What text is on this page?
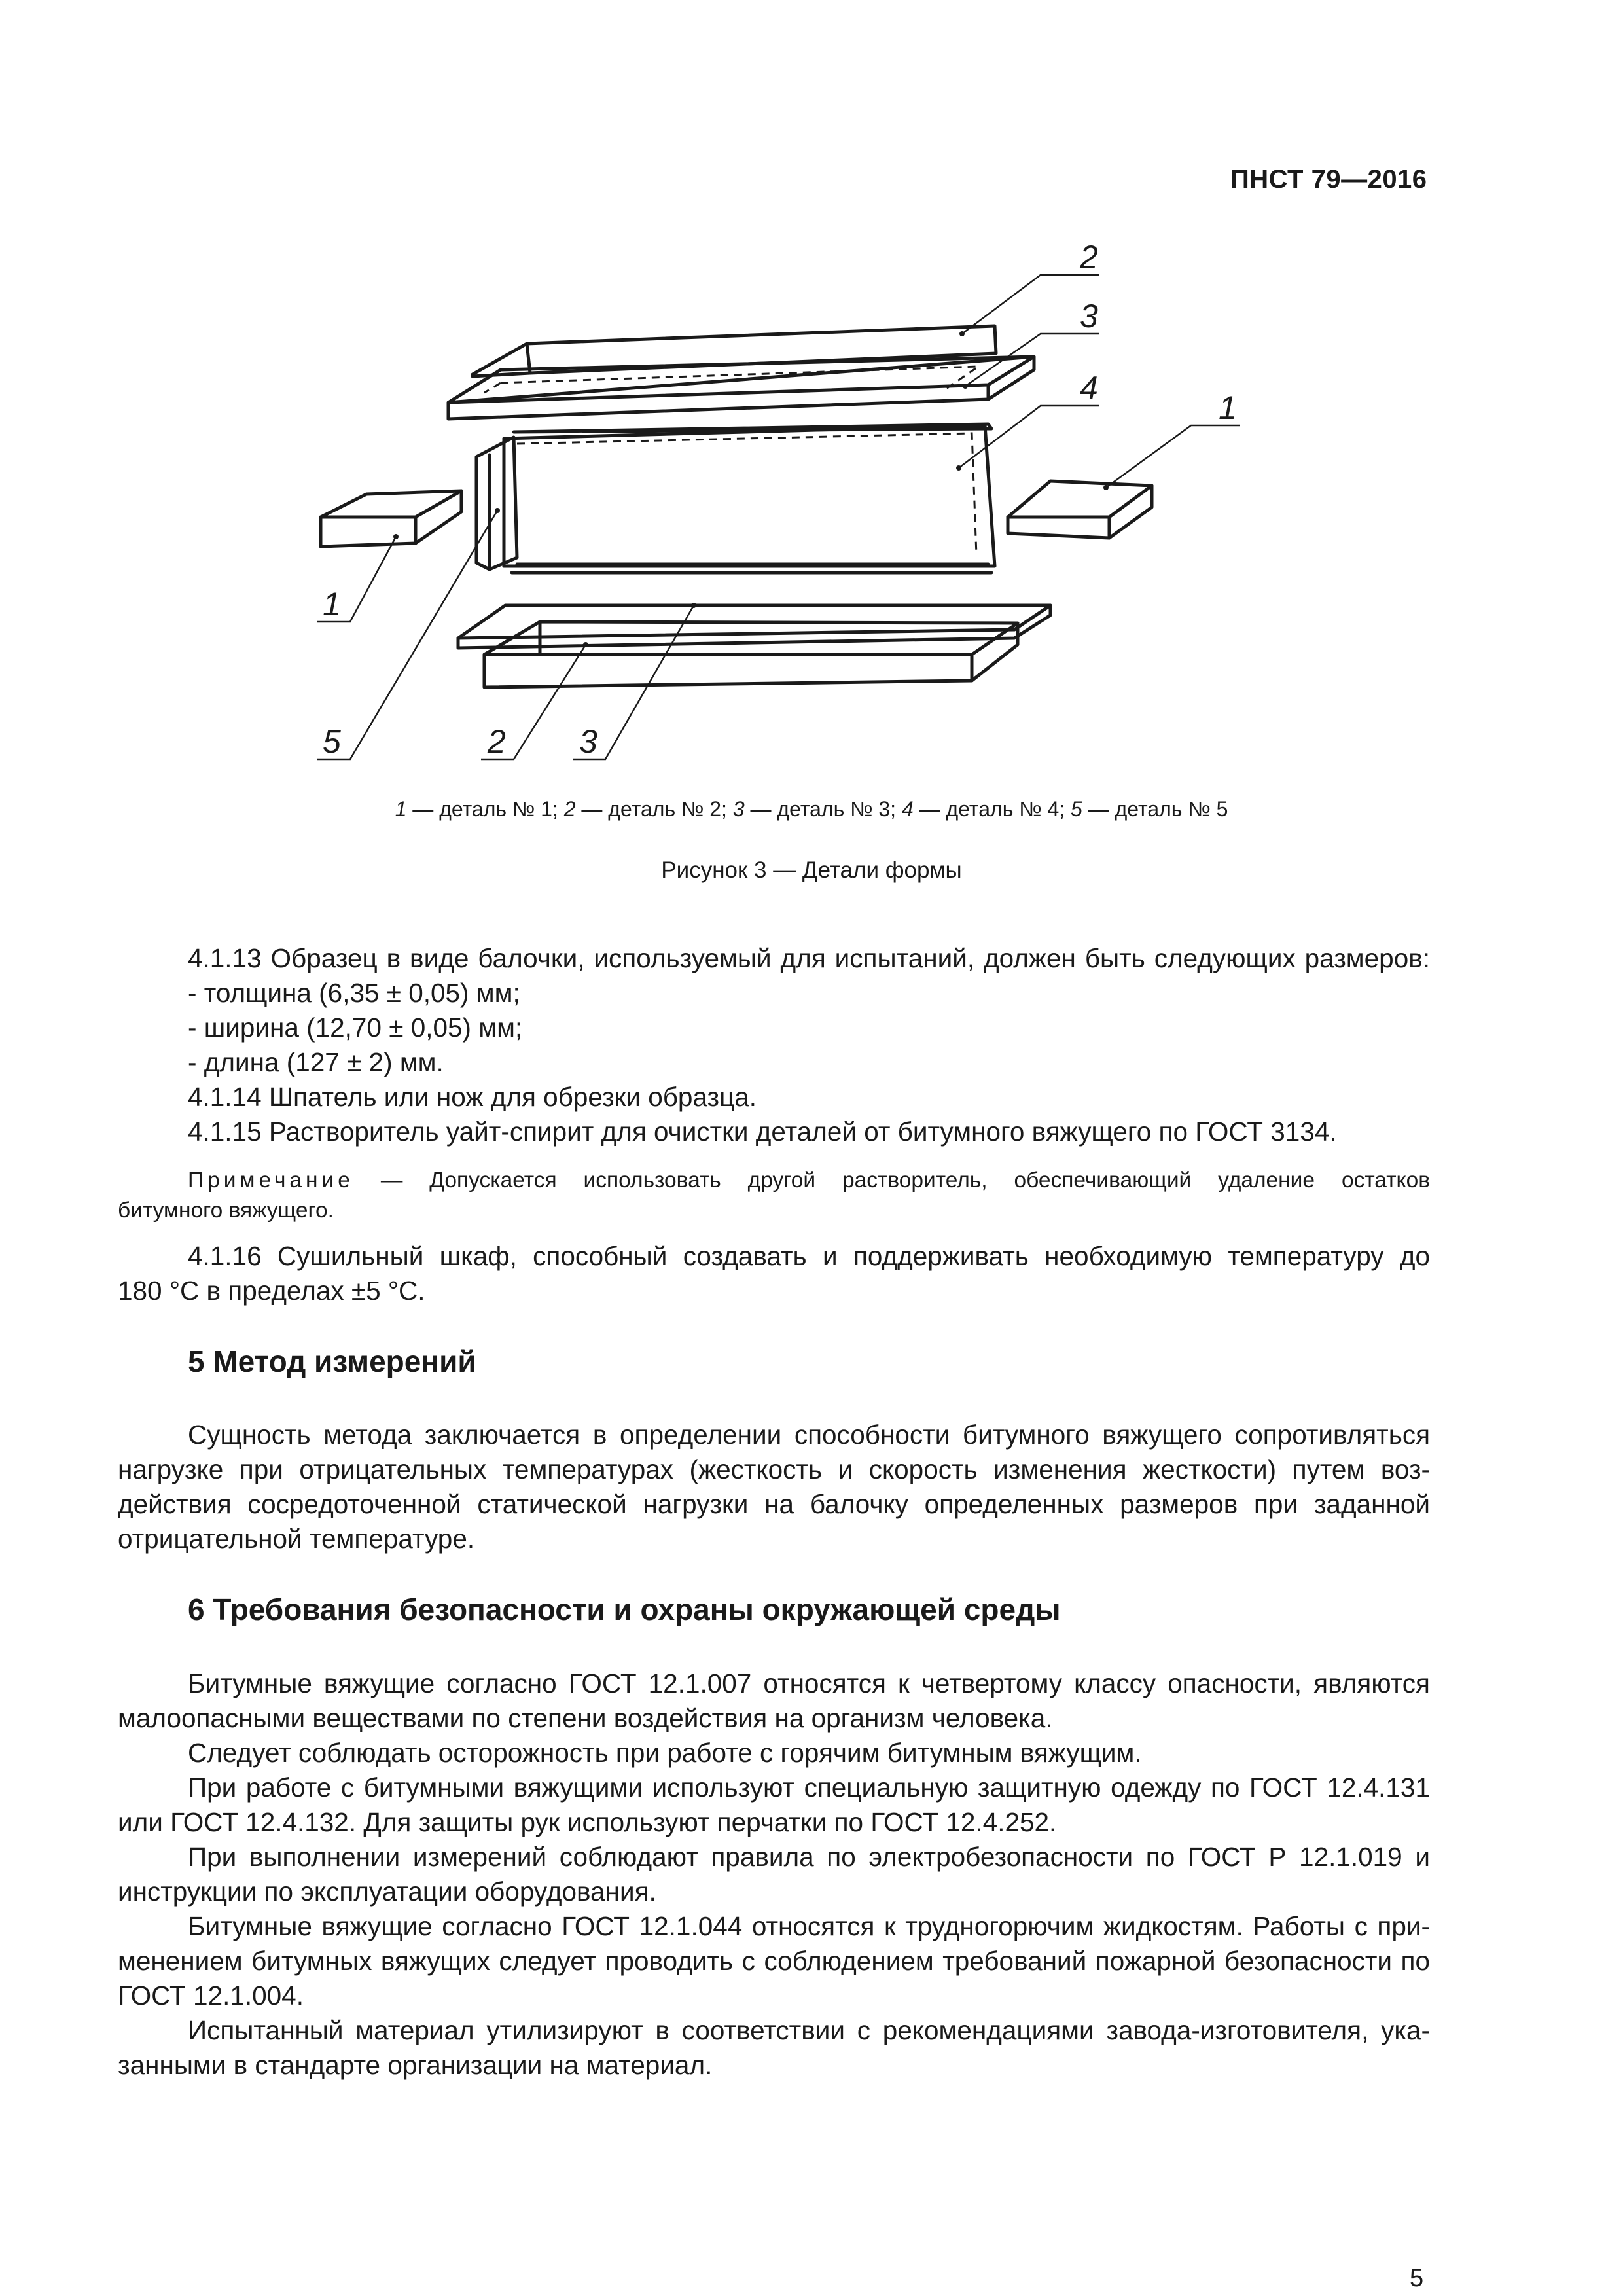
ПНСТ 79—2016
2
3
4
1
1
5	2 3
1 — деталь № 1; 2 — деталь № 2; 3 — деталь № 3; 4 — деталь № 4; 5 — деталь № 5
Рисунок 3 — Детали формы
4.1.13 Образец в виде балочки, используемый для испытаний, должен быть следующих размеров:
- толщина (6,35 ± 0,05) мм;
- ширина (12,70 ± 0,05) мм;
- длина (127 ± 2) мм.
4.1.14 Шпатель или нож для обрезки образца.
4.1.15 Растворитель уайт-спирит для очистки деталей от битумного вяжущего по ГОСТ 3134.
Примечание — Допускается использовать другой растворитель, обеспечивающий удаление остатков
битумного вяжущего.
4.1.16 Сушильный шкаф, способный создавать и поддерживать необходимую температуру до
180 °С в пределах ±5 °С.
5 Метод измерений
Сущность метода заключается в определении способности битумного вяжущего сопротивляться
нагрузке при отрицательных температурах (жесткость и скорость изменения жесткости) путем воз-
действия сосредоточенной статической нагрузки на балочку определенных размеров при заданной
отрицательной температуре.
6 Требования безопасности и охраны окружающей среды
Битумные вяжущие согласно ГОСТ 12.1.007 относятся к четвертому классу опасности, являются
малоопасными веществами по степени воздействия на организм человека.
Следует соблюдать осторожность при работе с горячим битумным вяжущим.
При работе с битумными вяжущими используют специальную защитную одежду по ГОСТ 12.4.131
или ГОСТ 12.4.132. Для защиты рук используют перчатки по ГОСТ 12.4.252.
При выполнении измерений соблюдают правила по электробезопасности по ГОСТ Р 12.1.019 и
инструкции по эксплуатации оборудования.
Битумные вяжущие согласно ГОСТ 12.1.044 относятся к трудногорючим жидкостям. Работы с при-
менением битумных вяжущих следует проводить с соблюдением требований пожарной безопасности по
ГОСТ 12.1.004.
Испытанный материал утилизируют в соответствии с рекомендациями завода-изготовителя, ука-
занными в стандарте организации на материал.
5
